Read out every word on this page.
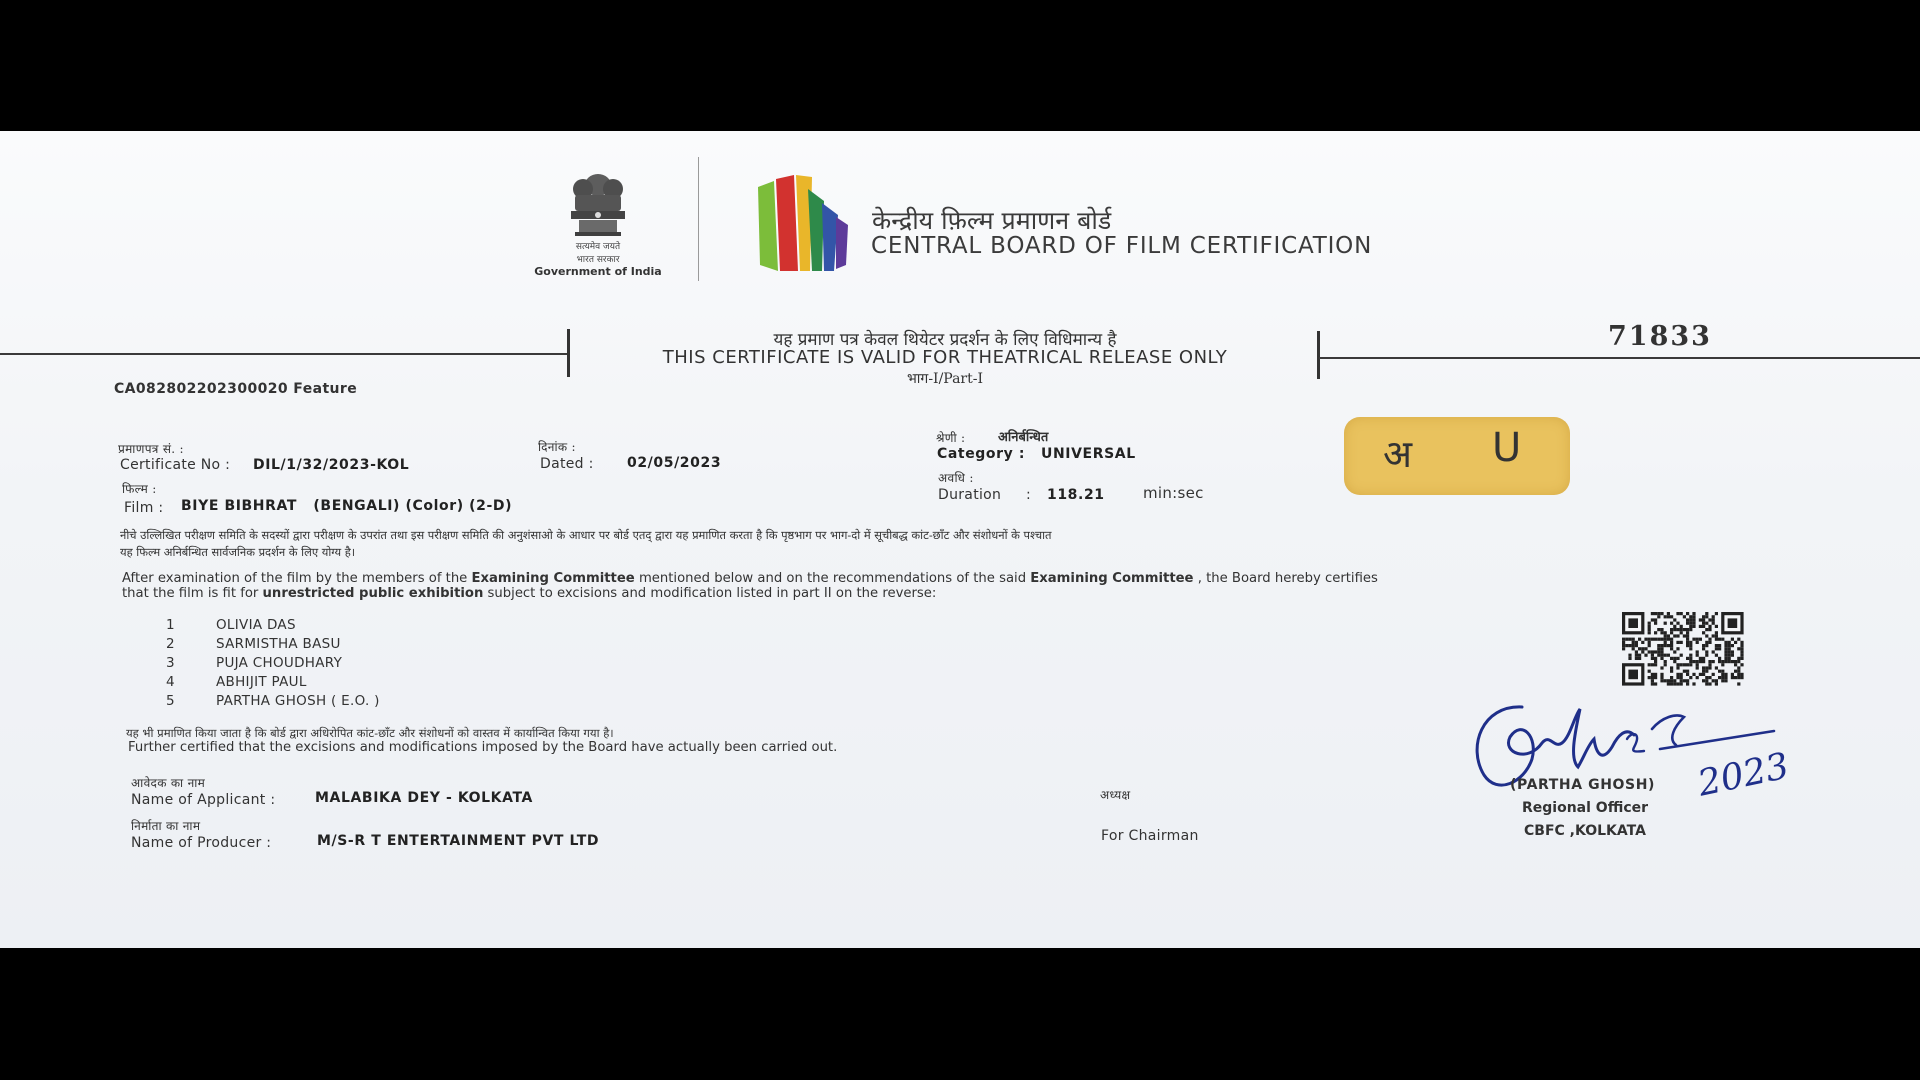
सत्यमेव जयते
भारत सरकार
Government of India
केन्द्रीय फ़िल्म प्रमाणन बोर्ड
CENTRAL BOARD OF FILM CERTIFICATION
यह प्रमाण पत्र केवल थियेटर प्रदर्शन के लिए विधिमान्य है
THIS CERTIFICATE IS VALID FOR THEATRICAL RELEASE ONLY
भाग-I/Part-I
71833
CA082802202300020 Feature
प्रमाणपत्र सं. :
Certificate No : DIL/1/32/2023-KOL
दिनांक :
Dated : 02/05/2023
श्रेणी :	अनिर्बन्धित
Category : UNIVERSAL
अवधि :
Duration : 118.21	min:sec
अ U
फिल्म :
Film : BIYE BIBHRAT   (BENGALI) (Color) (2-D)
नीचे उल्लिखित परीक्षण समिति के सदस्यों द्वारा परीक्षण के उपरांत तथा इस परीक्षण समिति की अनुशंसाओ के आधार पर बोर्ड एतद् द्वारा यह प्रमाणित करता है कि पृष्ठभाग पर भाग-दो में सूचीबद्ध कांट-छाँट और संशोधनों के पश्चात
यह फिल्म अनिर्बन्धित सार्वजनिक प्रदर्शन के लिए योग्य है।
After examination of the film by the members of the Examining Committee mentioned below and on the recommendations of the said Examining Committee , the Board hereby certifies
that the film is fit for unrestricted public exhibition subject to excisions and modification listed in part II on the reverse:
1	OLIVIA DAS
2	SARMISTHA BASU
3	PUJA CHOUDHARY
4	ABHIJIT PAUL
5	PARTHA GHOSH ( E.O. )
यह भी प्रमाणित किया जाता है कि बोर्ड द्वारा अधिरोपित कांट-छाँट और संशोधनों को वास्तव में कार्यान्वित किया गया है।
Further certified that the excisions and modifications imposed by the Board have actually been carried out.
आवेदक का नाम
Name of Applicant :	MALABIKA DEY - KOLKATA
निर्माता का नाम
Name of Producer :	M/S-R T ENTERTAINMENT PVT LTD
अध्यक्ष
For Chairman
2023
(PARTHA GHOSH)
Regional Officer
CBFC ,KOLKATA
